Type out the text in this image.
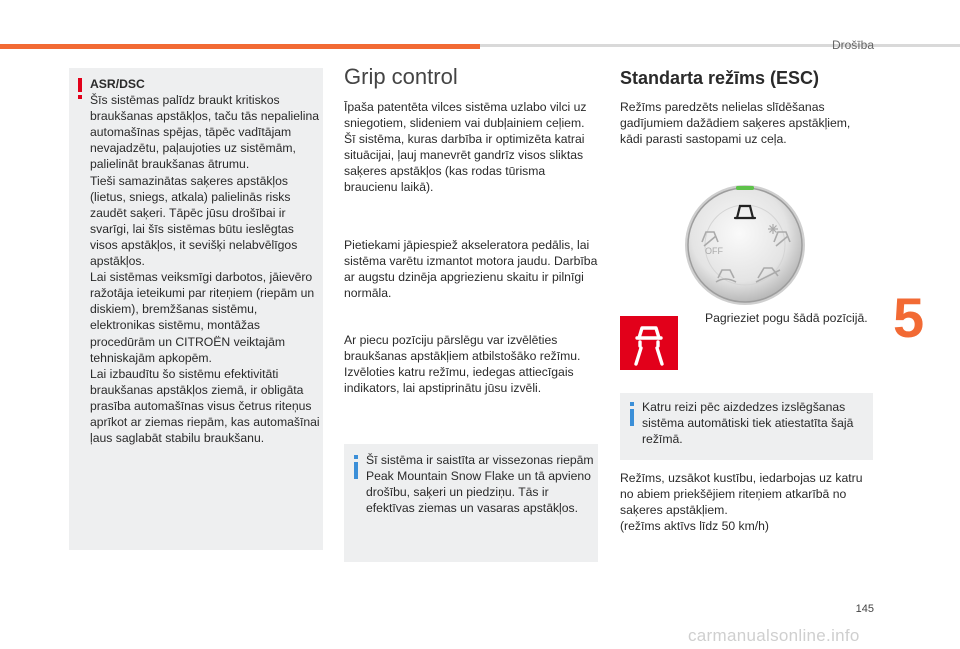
Drošība
5

ASR/DSC

Šīs sistēmas palīdz braukt kritiskos braukšanas apstākļos, taču tās nepalielina automašīnas spējas, tāpēc vadītājam nevajadzētu, paļaujoties uz sistēmām, palielināt braukšanas ātrumu.

Tieši samazinātas saķeres apstākļos (lietus, sniegs, atkala) palielinās risks zaudēt saķeri. Tāpēc jūsu drošībai ir svarīgi, lai šīs sistēmas būtu ieslēgtas visos apstākļos, it sevišķi nelabvēlīgos apstākļos.

Lai sistēmas veiksmīgi darbotos, jāievēro ražotāja ieteikumi par riteņiem (riepām un diskiem), bremžšanas sistēmu, elektronikas sistēmu, montāžas procedūrām un CITROËN veiktajām tehniskajām apkopēm.

Lai izbaudītu šo sistēmu efektivitāti braukšanas apstākļos ziemā, ir obligāta prasība automašīnas visus četrus riteņus aprīkot ar ziemas riepām, kas automašīnai ļaus saglabāt stabilu braukšanu.

Grip control

Īpaša patentēta vilces sistēma uzlabo vilci uz sniegotiem, slideniem vai dubļainiem ceļiem. Šī sistēma, kuras darbība ir optimizēta katrai situācijai, ļauj manevrēt gandrīz visos sliktas saķeres apstākļos (kas rodas tūrisma braucienu laikā).

Pietiekami jāpiespiež akseleratora pedālis, lai sistēma varētu izmantot motora jaudu. Darbība ar augstu dzinēja apgriezienu skaitu ir pilnīgi normāla.

Ar piecu pozīciju pārslēgu var izvēlēties braukšanas apstākļiem atbilstošāko režīmu. Izvēloties katru režīmu, iedegas attiecīgais indikators, lai apstiprinātu jūsu izvēli.

Šī sistēma ir saistīta ar vissezonas riepām Peak Mountain Snow Flake un tā apvieno drošību, saķeri un piedziņu. Tās ir efektīvas ziemas un vasaras apstākļos.
Standarta režīms (ESC)

Režīms paredzēts nelielas slīdēšanas gadījumiem dažādiem saķeres apstākļiem, kādi parasti sastopami uz ceļa.

OFF
Pagrieziet pogu šādā pozīcijā.
Katru reizi pēc aizdedzes izslēgšanas sistēma automātiski tiek atiestatīta šajā režīmā.

Režīms, uzsākot kustību, iedarbojas uz katru no abiem priekšējiem riteņiem atkarībā no saķeres apstākļiem.

(režīms aktīvs līdz 50 km/h)

145
carmanualsonline.info
